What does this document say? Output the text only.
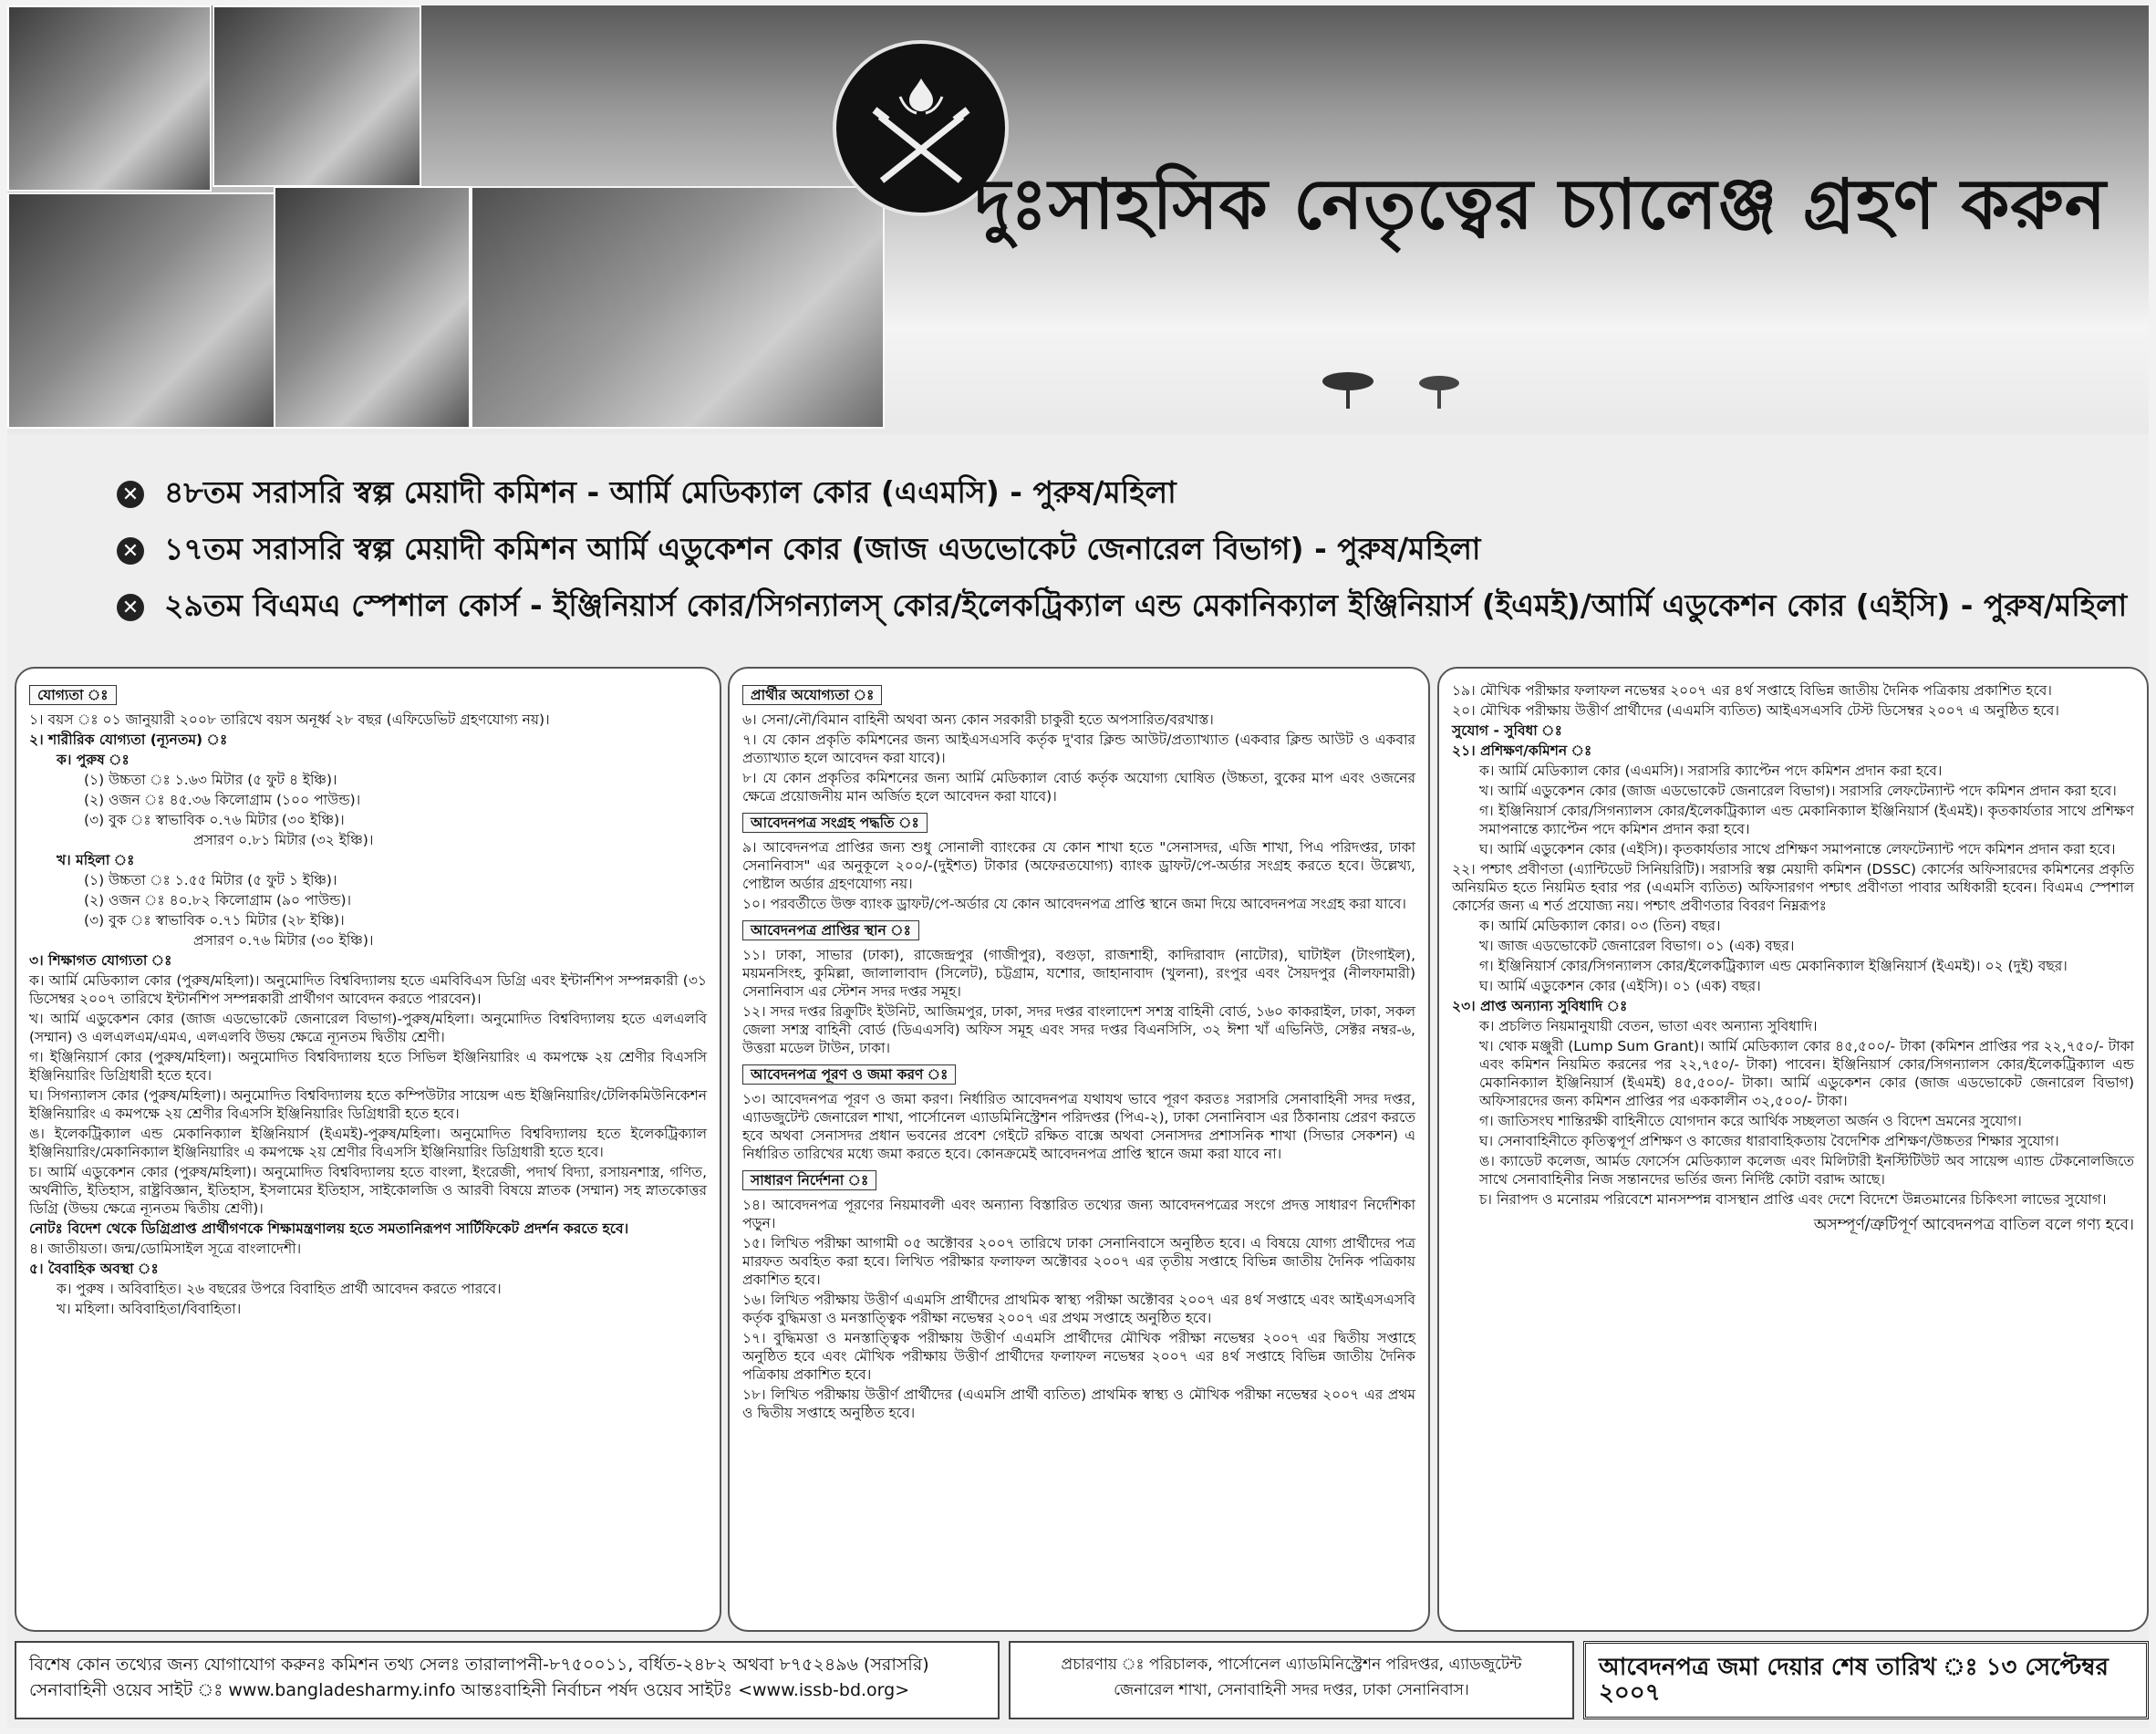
দুঃসাহসিক নেতৃত্বের চ্যালেঞ্জ গ্রহণ করুন
✕ ৪৮তম সরাসরি স্বল্প মেয়াদী কমিশন - আর্মি মেডিক্যাল কোর (এএমসি) - পুরুষ/মহিলা
✕ ১৭তম সরাসরি স্বল্প মেয়াদী কমিশন আর্মি এডুকেশন কোর (জাজ এডভোকেট জেনারেল বিভাগ) - পুরুষ/মহিলা
✕ ২৯তম বিএমএ স্পেশাল কোর্স - ইঞ্জিনিয়ার্স কোর/সিগন্যালস্‌ কোর/ইলেকট্রিক্যাল এন্ড মেকানিক্যাল ইঞ্জিনিয়ার্স (ইএমই)/আর্মি এডুকেশন কোর (এইসি) - পুরুষ/মহিলা
যোগ্যতা ঃ
১। বয়স ঃ ০১ জানুয়ারী ২০০৮ তারিখে বয়স অনূর্ধ্ব ২৮ বছর (এফিডেভিট গ্রহণযোগ্য নয়)।
২। শারীরিক যোগ্যতা (ন্যূনতম) ঃ
ক। পুরুষ ঃ
(১) উচ্চতা ঃ ১.৬৩ মিটার (৫ ফুট ৪ ইঞ্চি)।
(২) ওজন ঃ ৪৫.৩৬ কিলোগ্রাম (১০০ পাউন্ড)।
(৩) বুক ঃ স্বাভাবিক ০.৭৬ মিটার (৩০ ইঞ্চি)।
প্রসারণ ০.৮১ মিটার (৩২ ইঞ্চি)।
খ। মহিলা ঃ
(১) উচ্চতা ঃ ১.৫৫ মিটার (৫ ফুট ১ ইঞ্চি)।
(২) ওজন ঃ ৪০.৮২ কিলোগ্রাম (৯০ পাউন্ড)।
(৩) বুক ঃ স্বাভাবিক ০.৭১ মিটার (২৮ ইঞ্চি)।
প্রসারণ ০.৭৬ মিটার (৩০ ইঞ্চি)।
৩। শিক্ষাগত যোগ্যতা ঃ
ক। আর্মি মেডিক্যাল কোর (পুরুষ/মহিলা)। অনুমোদিত বিশ্ববিদ্যালয় হতে এমবিবিএস ডিগ্রি এবং ইন্টার্নশিপ সম্পন্নকারী (৩১ ডিসেম্বর ২০০৭ তারিখে ইন্টার্নশিপ সম্পন্নকারী প্রার্থীগণ আবেদন করতে পারবেন)।
খ। আর্মি এডুকেশন কোর (জাজ এডভোকেট জেনারেল বিভাগ)-পুরুষ/মহিলা। অনুমোদিত বিশ্ববিদ্যালয় হতে এলএলবি (সম্মান) ও এলএলএম/এমএ, এলএলবি উভয় ক্ষেত্রে ন্যূনতম দ্বিতীয় শ্রেণী।
গ। ইঞ্জিনিয়ার্স কোর (পুরুষ/মহিলা)। অনুমোদিত বিশ্ববিদ্যালয় হতে সিভিল ইঞ্জিনিয়ারিং এ কমপক্ষে ২য় শ্রেণীর বিএসসি ইঞ্জিনিয়ারিং ডিগ্রিধারী হতে হবে।
ঘ। সিগন্যালস কোর (পুরুষ/মহিলা)। অনুমোদিত বিশ্ববিদ্যালয় হতে কম্পিউটার সায়েন্স এন্ড ইঞ্জিনিয়ারিং/টেলিকমিউনিকেশন ইঞ্জিনিয়ারিং এ কমপক্ষে ২য় শ্রেণীর বিএসসি ইঞ্জিনিয়ারিং ডিগ্রিধারী হতে হবে।
ঙ। ইলেকট্রিক্যাল এন্ড মেকানিক্যাল ইঞ্জিনিয়ার্স (ইএমই)-পুরুষ/মহিলা। অনুমোদিত বিশ্ববিদ্যালয় হতে ইলেকট্রিক্যাল ইঞ্জিনিয়ারিং/মেকানিক্যাল ইঞ্জিনিয়ারিং এ কমপক্ষে ২য় শ্রেণীর বিএসসি ইঞ্জিনিয়ারিং ডিগ্রিধারী হতে হবে।
চ। আর্মি এডুকেশন কোর (পুরুষ/মহিলা)। অনুমোদিত বিশ্ববিদ্যালয় হতে বাংলা, ইংরেজী, পদার্থ বিদ্যা, রসায়নশাস্ত্র, গণিত, অর্থনীতি, ইতিহাস, রাষ্ট্রবিজ্ঞান, ইতিহাস, ইসলামের ইতিহাস, সাইকোলজি ও আরবী বিষয়ে স্নাতক (সম্মান) সহ স্নাতকোত্তর ডিগ্রি (উভয় ক্ষেত্রে ন্যূনতম দ্বিতীয় শ্রেণী)।
নোটঃ বিদেশ থেকে ডিগ্রিপ্রাপ্ত প্রার্থীগণকে শিক্ষামন্ত্রণালয় হতে সমতানিরূপণ সার্টিফিকেট প্রদর্শন করতে হবে।
৪। জাতীয়তা। জন্ম/ডোমিসাইল সূত্রে বাংলাদেশী।
৫। বৈবাহিক অবস্থা ঃ
ক। পুরুষ । অবিবাহিত। ২৬ বছরের উপরে বিবাহিত প্রার্থী আবেদন করতে পারবে।
খ। মহিলা। অবিবাহিতা/বিবাহিতা।
প্রার্থীর অযোগ্যতা ঃ
৬। সেনা/নৌ/বিমান বাহিনী অথবা অন্য কোন সরকারী চাকুরী হতে অপসারিত/বরখাস্ত।
৭। যে কোন প্রকৃতি কমিশনের জন্য আইএসএসবি কর্তৃক দু'বার ক্লিন্ড আউট/প্রত্যাখ্যাত (একবার ক্লিন্ড আউট ও একবার প্রত্যাখ্যাত হলে আবেদন করা যাবে)।
৮। যে কোন প্রকৃতির কমিশনের জন্য আর্মি মেডিক্যাল বোর্ড কর্তৃক অযোগ্য ঘোষিত (উচ্চতা, বুকের মাপ এবং ওজনের ক্ষেত্রে প্রয়োজনীয় মান অর্জিত হলে আবেদন করা যাবে)।
আবেদনপত্র সংগ্রহ পদ্ধতি ঃ
৯। আবেদনপত্র প্রাপ্তির জন্য শুধু সোনালী ব্যাংকের যে কোন শাখা হতে "সেনাসদর, এজি শাখা, পিএ পরিদপ্তর, ঢাকা সেনানিবাস" এর অনুকূলে ২০০/-(দুইশত) টাকার (অফেরতযোগ্য) ব্যাংক ড্রাফট/পে-অর্ডার সংগ্রহ করতে হবে। উল্লেখ্য, পোষ্টাল অর্ডার গ্রহণযোগ্য নয়।
১০। পরবর্তীতে উক্ত ব্যাংক ড্রাফট/পে-অর্ডার যে কোন আবেদনপত্র প্রাপ্তি স্থানে জমা দিয়ে আবেদনপত্র সংগ্রহ করা যাবে।
আবেদনপত্র প্রাপ্তির স্থান ঃ
১১। ঢাকা, সাভার (ঢাকা), রাজেন্দ্রপুর (গাজীপুর), বগুড়া, রাজশাহী, কাদিরাবাদ (নাটোর), ঘাটাইল (টাংগাইল), ময়মনসিংহ, কুমিল্লা, জালালাবাদ (সিলেট), চট্টগ্রাম, যশোর, জাহানাবাদ (খুলনা), রংপুর এবং সৈয়দপুর (নীলফামারী) সেনানিবাস এর স্টেশন সদর দপ্তর সমূহ।
১২। সদর দপ্তর রিক্রুটিং ইউনিট, আজিমপুর, ঢাকা, সদর দপ্তর বাংলাদেশ সশস্ত্র বাহিনী বোর্ড, ১৬০ কাকরাইল, ঢাকা, সকল জেলা সশস্ত্র বাহিনী বোর্ড (ডিএএসবি) অফিস সমূহ এবং সদর দপ্তর বিএনসিসি, ৩২ ঈশা খাঁ এভিনিউ, সেক্টর নম্বর-৬, উত্তরা মডেল টাউন, ঢাকা।
আবেদনপত্র পূরণ ও জমা করণ ঃ
১৩। আবেদনপত্র পূরণ ও জমা করণ। নির্ধারিত আবেদনপত্র যথাযথ ভাবে পূরণ করতঃ সরাসরি সেনাবাহিনী সদর দপ্তর, এ্যাডজুটেন্ট জেনারেল শাখা, পার্সোনেল এ্যাডমিনিস্ট্রেশন পরিদপ্তর (পিএ-২), ঢাকা সেনানিবাস এর ঠিকানায় প্রেরণ করতে হবে অথবা সেনাসদর প্রধান ভবনের প্রবেশ গেইটে রক্ষিত বাক্সে অথবা সেনাসদর প্রশাসনিক শাখা (সিভার সেকশন) এ নির্ধারিত তারিখের মধ্যে জমা করতে হবে। কোনক্রমেই আবেদনপত্র প্রাপ্তি স্থানে জমা করা যাবে না।
সাধারণ নির্দেশনা ঃ
১৪। আবেদনপত্র পূরণের নিয়মাবলী এবং অন্যান্য বিস্তারিত তথ্যের জন্য আবেদনপত্রের সংগে প্রদত্ত সাধারণ নির্দেশিকা পড়ুন।
১৫। লিখিত পরীক্ষা আগামী ০৫ অক্টোবর ২০০৭ তারিখে ঢাকা সেনানিবাসে অনুষ্ঠিত হবে। এ বিষয়ে যোগ্য প্রার্থীদের পত্র মারফত অবহিত করা হবে। লিখিত পরীক্ষার ফলাফল অক্টোবর ২০০৭ এর তৃতীয় সপ্তাহে বিভিন্ন জাতীয় দৈনিক পত্রিকায় প্রকাশিত হবে।
১৬। লিখিত পরীক্ষায় উত্তীর্ণ এএমসি প্রার্থীদের প্রাথমিক স্বাস্থ্য পরীক্ষা অক্টোবর ২০০৭ এর ৪র্থ সপ্তাহে এবং আইএসএসবি কর্তৃক বুদ্ধিমত্তা ও মনস্তাত্ত্বিক পরীক্ষা নভেম্বর ২০০৭ এর প্রথম সপ্তাহে অনুষ্ঠিত হবে।
১৭। বুদ্ধিমত্তা ও মনস্তাত্ত্বিক পরীক্ষায় উত্তীর্ণ এএমসি প্রার্থীদের মৌখিক পরীক্ষা নভেম্বর ২০০৭ এর দ্বিতীয় সপ্তাহে অনুষ্ঠিত হবে এবং মৌখিক পরীক্ষায় উত্তীর্ণ প্রার্থীদের ফলাফল নভেম্বর ২০০৭ এর ৪র্থ সপ্তাহে বিভিন্ন জাতীয় দৈনিক পত্রিকায় প্রকাশিত হবে।
১৮। লিখিত পরীক্ষায় উত্তীর্ণ প্রার্থীদের (এএমসি প্রার্থী ব্যতিত) প্রাথমিক স্বাস্থ্য ও মৌখিক পরীক্ষা নভেম্বর ২০০৭ এর প্রথম ও দ্বিতীয় সপ্তাহে অনুষ্ঠিত হবে।
১৯। মৌখিক পরীক্ষার ফলাফল নভেম্বর ২০০৭ এর ৪র্থ সপ্তাহে বিভিন্ন জাতীয় দৈনিক পত্রিকায় প্রকাশিত হবে।
২০। মৌখিক পরীক্ষায় উত্তীর্ণ প্রার্থীদের (এএমসি ব্যতিত) আইএসএসবি টেস্ট ডিসেম্বর ২০০৭ এ অনুষ্ঠিত হবে।
সুযোগ - সুবিধা ঃ
২১। প্রশিক্ষণ/কমিশন ঃ
ক। আর্মি মেডিক্যাল কোর (এএমসি)। সরাসরি ক্যাপ্টেন পদে কমিশন প্রদান করা হবে।
খ। আর্মি এডুকেশন কোর (জাজ এডভোকেট জেনারেল বিভাগ)। সরাসরি লেফটেন্যান্ট পদে কমিশন প্রদান করা হবে।
গ। ইঞ্জিনিয়ার্স কোর/সিগন্যালস কোর/ইলেকট্রিক্যাল এন্ড মেকানিক্যাল ইঞ্জিনিয়ার্স (ইএমই)। কৃতকার্যতার সাথে প্রশিক্ষণ সমাপনান্তে ক্যাপ্টেন পদে কমিশন প্রদান করা হবে।
ঘ। আর্মি এডুকেশন কোর (এইসি)। কৃতকার্যতার সাথে প্রশিক্ষণ সমাপনান্তে লেফটেন্যান্ট পদে কমিশন প্রদান করা হবে।
২২। পশ্চাৎ প্রবীণতা (এ্যান্টিডেট সিনিয়রিটি)। সরাসরি স্বল্প মেয়াদী কমিশন (DSSC) কোর্সের অফিসারদের কমিশনের প্রকৃতি অনিয়মিত হতে নিয়মিত হবার পর (এএমসি ব্যতিত) অফিসারগণ পশ্চাৎ প্রবীণতা পাবার অধিকারী হবেন। বিএমএ স্পেশাল কোর্সের জন্য এ শর্ত প্রযোজ্য নয়। পশ্চাৎ প্রবীণতার বিবরণ নিম্নরূপঃ
ক। আর্মি মেডিক্যাল কোর। ০৩ (তিন) বছর।
খ। জাজ এডভোকেট জেনারেল বিভাগ। ০১ (এক) বছর।
গ। ইঞ্জিনিয়ার্স কোর/সিগন্যালস কোর/ইলেকট্রিক্যাল এন্ড মেকানিক্যাল ইঞ্জিনিয়ার্স (ইএমই)। ০২ (দুই) বছর।
ঘ। আর্মি এডুকেশন কোর (এইসি)। ০১ (এক) বছর।
২৩। প্রাপ্ত অন্যান্য সুবিধাদি ঃ
ক। প্রচলিত নিয়মানুযায়ী বেতন, ভাতা এবং অন্যান্য সুবিধাদি।
খ। থোক মঞ্জুরী (Lump Sum Grant)। আর্মি মেডিক্যাল কোর ৪৫,৫০০/- টাকা (কমিশন প্রাপ্তির পর ২২,৭৫০/- টাকা এবং কমিশন নিয়মিত করনের পর ২২,৭৫০/- টাকা) পাবেন। ইঞ্জিনিয়ার্স কোর/সিগন্যালস কোর/ইলেকট্রিক্যাল এন্ড মেকানিক্যাল ইঞ্জিনিয়ার্স (ইএমই) ৪৫,৫০০/- টাকা। আর্মি এডুকেশন কোর (জাজ এডভোকেট জেনারেল বিভাগ) অফিসারদের জন্য কমিশন প্রাপ্তির পর এককালীন ৩২,৫০০/- টাকা।
গ। জাতিসংঘ শান্তিরক্ষী বাহিনীতে যোগদান করে আর্থিক সচ্ছলতা অর্জন ও বিদেশ ভ্রমনের সুযোগ।
ঘ। সেনাবাহিনীতে কৃতিত্বপূর্ণ প্রশিক্ষণ ও কাজের ধারাবাহিকতায় বৈদেশিক প্রশিক্ষণ/উচ্চতর শিক্ষার সুযোগ।
ঙ। ক্যাডেট কলেজ, আর্মড ফোর্সেস মেডিক্যাল কলেজ এবং মিলিটারী ইনস্টিটিউট অব সায়েন্স এ্যান্ড টেকনোলজিতে সাথে সেনাবাহিনীর নিজ সন্তানদের ভর্তির জন্য নির্দিষ্ট কোটা বরাদ্দ আছে।
চ। নিরাপদ ও মনোরম পরিবেশে মানসম্পন্ন বাসস্থান প্রাপ্তি এবং দেশে বিদেশে উন্নতমানের চিকিৎসা লাভের সুযোগ।
অসম্পূর্ণ/ত্রুটিপূর্ণ আবেদনপত্র বাতিল বলে গণ্য হবে।
বিশেষ কোন তথ্যের জন্য যোগাযোগ করুনঃ কমিশন তথ্য সেলঃ তারালাপনী-৮৭৫০০১১, বর্ধিত-২৪৮২ অথবা ৮৭৫২৪৯৬ (সরাসরি)
সেনাবাহিনী ওয়েব সাইট ঃ www.bangladesharmy.info আন্তঃবাহিনী নির্বাচন পর্ষদ ওয়েব সাইটঃ <www.issb-bd.org>
প্রচারণায় ঃ পরিচালক, পার্সোনেল এ্যাডমিনিস্ট্রেশন পরিদপ্তর, এ্যাডজুটেন্ট
জেনারেল শাখা, সেনাবাহিনী সদর দপ্তর, ঢাকা সেনানিবাস।
আবেদনপত্র জমা দেয়ার শেষ তারিখ ঃ ১৩ সেপ্টেম্বর ২০০৭
